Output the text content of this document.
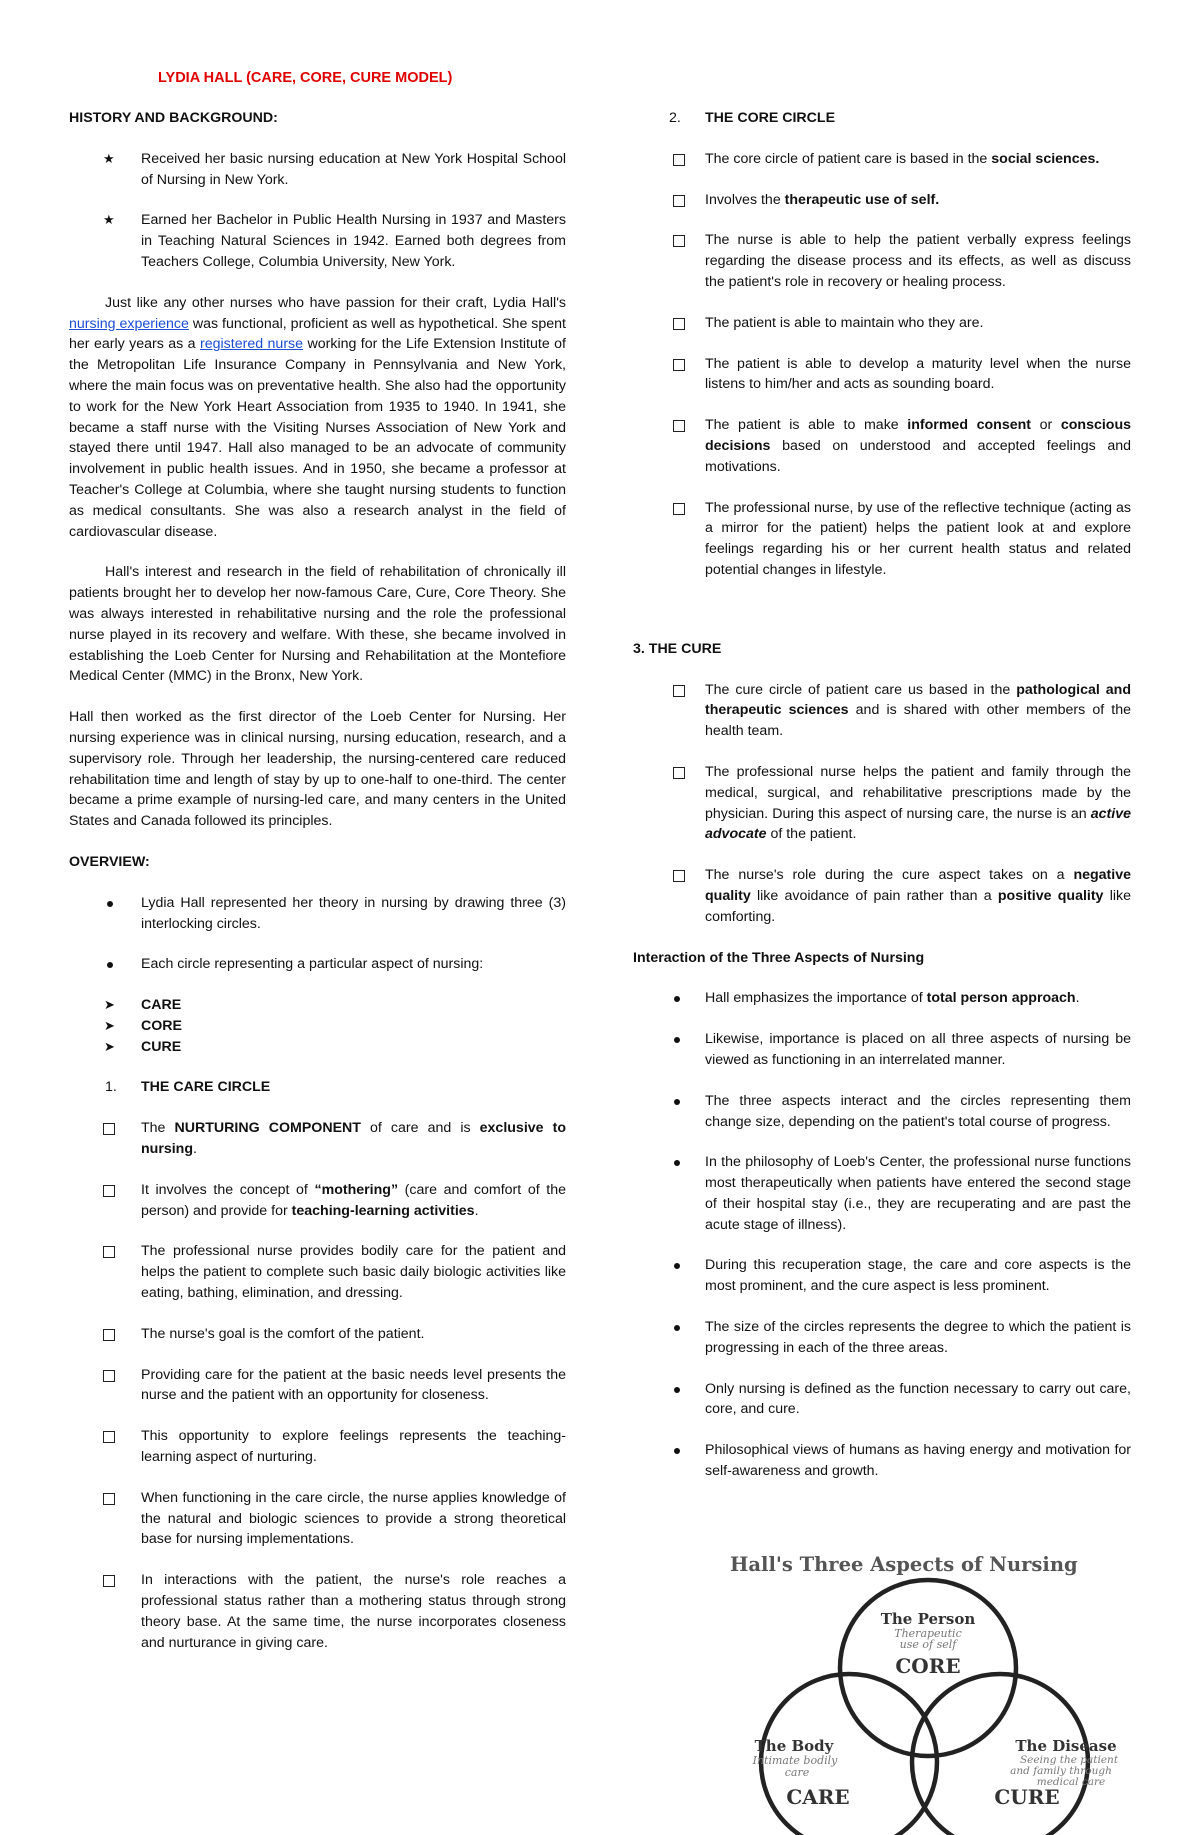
LYDIA HALL (CARE, CORE, CURE MODEL)
HISTORY AND BACKGROUND:
★	Received her basic nursing education at New York Hospital School of Nursing in New York.
★	Earned her Bachelor in Public Health Nursing in 1937 and Masters in Teaching Natural Sciences in 1942. Earned both degrees from Teachers College, Columbia University, New York.

Just like any other nurses who have passion for their craft, Lydia Hall's nursing experience was functional, proficient as well as hypothetical. She spent her early years as a registered nurse working for the Life Extension Institute of the Metropolitan Life Insurance Company in Pennsylvania and New York, where the main focus was on preventative health. She also had the opportunity to work for the New York Heart Association from 1935 to 1940. In 1941, she became a staff nurse with the Visiting Nurses Association of New York and stayed there until 1947. Hall also managed to be an advocate of community involvement in public health issues. And in 1950, she became a professor at Teacher's College at Columbia, where she taught nursing students to function as medical consultants. She was also a research analyst in the field of cardiovascular disease.

Hall's interest and research in the field of rehabilitation of chronically ill patients brought her to develop her now-famous Care, Cure, Core Theory. She was always interested in rehabilitative nursing and the role the professional nurse played in its recovery and welfare. With these, she became involved in establishing the Loeb Center for Nursing and Rehabilitation at the Montefiore Medical Center (MMC) in the Bronx, New York.

Hall then worked as the first director of the Loeb Center for Nursing. Her nursing experience was in clinical nursing, nursing education, research, and a supervisory role. Through her leadership, the nursing-centered care reduced rehabilitation time and length of stay by up to one-half to one-third. The center became a prime example of nursing-led care, and many centers in the United States and Canada followed its principles.

OVERVIEW:
Lydia Hall represented her theory in nursing by drawing three (3) interlocking circles.
Each circle representing a particular aspect of nursing:
➤	CARE
➤	CORE
➤	CURE
1. THE CARE CIRCLE
The NURTURING COMPONENT of care and is exclusive to nursing.
It involves the concept of “mothering” (care and comfort of the person) and provide for teaching-learning activities.
The professional nurse provides bodily care for the patient and helps the patient to complete such basic daily biologic activities like eating, bathing, elimination, and dressing.
The nurse's goal is the comfort of the patient.
Providing care for the patient at the basic needs level presents the nurse and the patient with an opportunity for closeness.
This opportunity to explore feelings represents the teaching-learning aspect of nurturing.
When functioning in the care circle, the nurse applies knowledge of the natural and biologic sciences to provide a strong theoretical base for nursing implementations.
In interactions with the patient, the nurse's role reaches a professional status rather than a mothering status through strong theory base. At the same time, the nurse incorporates closeness and nurturance in giving care.
2. THE CORE CIRCLE
The core circle of patient care is based in the social sciences.
Involves the therapeutic use of self.
The nurse is able to help the patient verbally express feelings regarding the disease process and its effects, as well as discuss the patient's role in recovery or healing process.
The patient is able to maintain who they are.
The patient is able to develop a maturity level when the nurse listens to him/her and acts as sounding board.
The patient is able to make informed consent or conscious decisions based on understood and accepted feelings and motivations.
The professional nurse, by use of the reflective technique (acting as a mirror for the patient) helps the patient look at and explore feelings regarding his or her current health status and related potential changes in lifestyle.
3. THE CURE
The cure circle of patient care us based in the pathological and therapeutic sciences and is shared with other members of the health team.
The professional nurse helps the patient and family through the medical, surgical, and rehabilitative prescriptions made by the physician. During this aspect of nursing care, the nurse is an active advocate of the patient.
The nurse's role during the cure aspect takes on a negative quality like avoidance of pain rather than a positive quality like comforting.
Interaction of the Three Aspects of Nursing
Hall emphasizes the importance of total person approach.
Likewise, importance is placed on all three aspects of nursing be viewed as functioning in an interrelated manner.
The three aspects interact and the circles representing them change size, depending on the patient's total course of progress.
In the philosophy of Loeb's Center, the professional nurse functions most therapeutically when patients have entered the second stage of their hospital stay (i.e., they are recuperating and are past the acute stage of illness).
During this recuperation stage, the care and core aspects is the most prominent, and the cure aspect is less prominent.
The size of the circles represents the degree to which the patient is progressing in each of the three areas.
Only nursing is defined as the function necessary to carry out care, core, and cure.
Philosophical views of humans as having energy and motivation for self-awareness and growth.
Hall's Three Aspects of Nursing
The Person
Therapeutic
use of self
CORE
The Body
Intimate bodily
care
CARE
The Disease
Seeing the patient
and family through
medical care
CURE
